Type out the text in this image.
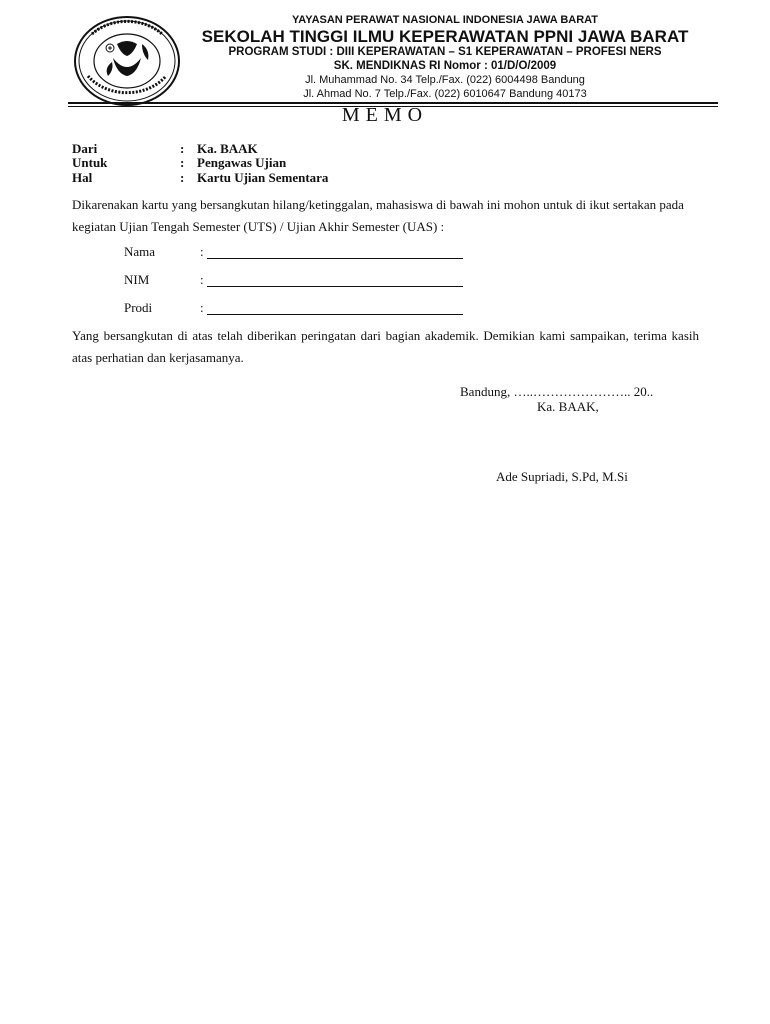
YAYASAN PERAWAT NASIONAL INDONESIA JAWA BARAT
SEKOLAH TINGGI ILMU KEPERAWATAN PPNI JAWA BARAT
PROGRAM STUDI : DIII KEPERAWATAN – S1 KEPERAWATAN – PROFESI NERS
SK. MENDIKNAS RI Nomor : 01/D/O/2009
Jl. Muhammad No. 34 Telp./Fax. (022) 6004498 Bandung
Jl. Ahmad No. 7 Telp./Fax. (022) 6010647 Bandung 40173
MEMO
Dari	: Ka. BAAK
Untuk	: Pengawas Ujian
Hal	: Kartu Ujian Sementara
Dikarenakan kartu yang bersangkutan hilang/ketinggalan, mahasiswa di bawah ini mohon untuk di ikut sertakan pada kegiatan Ujian Tengah Semester (UTS) / Ujian Akhir Semester (UAS) :
Nama	:
NIM	:
Prodi	:
Yang bersangkutan di atas telah diberikan peringatan dari bagian akademik. Demikian kami sampaikan, terima kasih atas perhatian dan kerjasamanya.
Bandung, …..………………….. 20..
Ka. BAAK,
Ade Supriadi, S.Pd, M.Si
